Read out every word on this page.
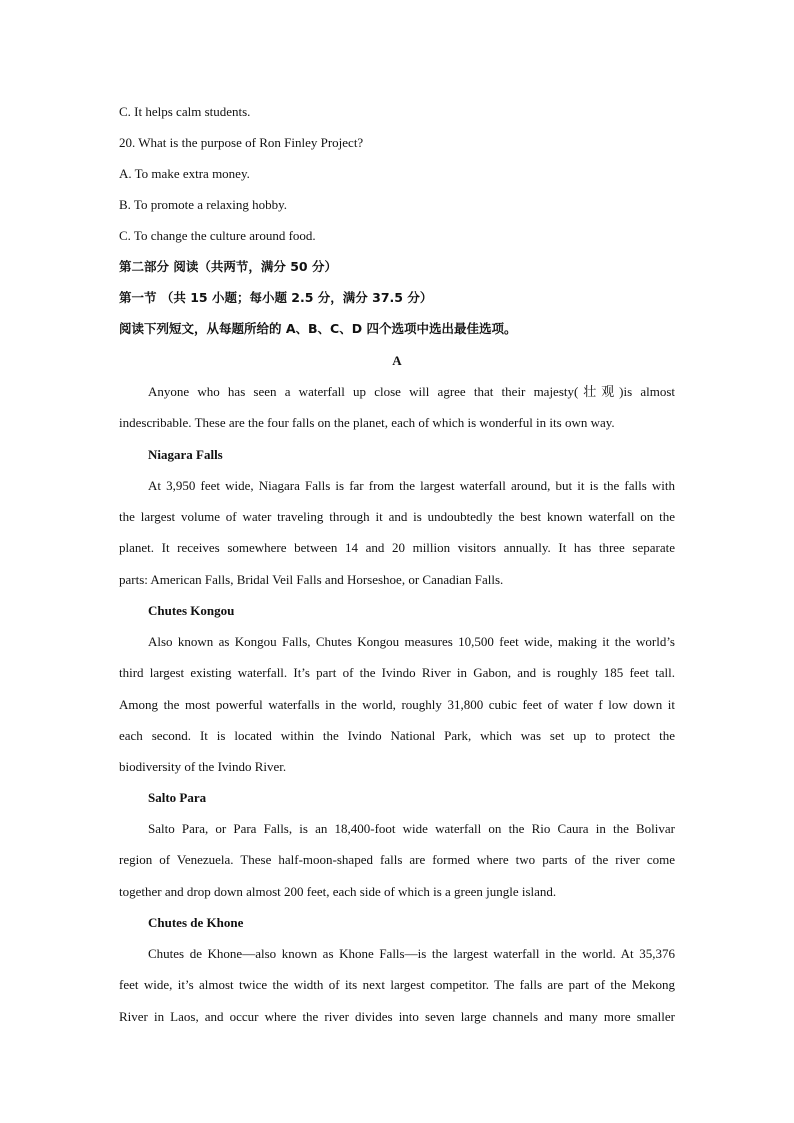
C. It helps calm students.
20. What is the purpose of Ron Finley Project?
A. To make extra money.
B. To promote a relaxing hobby.
C. To change the culture around food.
第二部分 阅读（共两节，满分 50 分）
第一节 （共 15 小题；每小题 2.5 分，满分 37.5 分）
阅读下列短文，从每题所给的 A、B、C、D 四个选项中选出最佳选项。
A
Anyone who has seen a waterfall up close will agree that their majesty(壮观)is almost
indescribable. These are the four falls on the planet, each of which is wonderful in its own way.
Niagara Falls
At 3,950 feet wide, Niagara Falls is far from the largest waterfall around, but it is the falls with
the largest volume of water traveling through it and is undoubtedly the best known waterfall on the
planet. It receives somewhere between 14 and 20 million visitors annually. It has three separate
parts: American Falls, Bridal Veil Falls and Horseshoe, or Canadian Falls.
Chutes Kongou
Also known as Kongou Falls, Chutes Kongou measures 10,500 feet wide, making it the world’s
third largest existing waterfall. It’s part of the Ivindo River in Gabon, and is roughly 185 feet tall.
Among the most powerful waterfalls in the world, roughly 31,800 cubic feet of water f low down it
each second. It is located within the Ivindo National Park, which was set up to protect the
biodiversity of the Ivindo River.
Salto Para
Salto Para, or Para Falls, is an 18,400-foot wide waterfall on the Rio Caura in the Bolivar
region of Venezuela. These half-moon-shaped falls are formed where two parts of the river come
together and drop down almost 200 feet, each side of which is a green jungle island.
Chutes de Khone
Chutes de Khone—also known as Khone Falls—is the largest waterfall in the world. At 35,376
feet wide, it’s almost twice the width of its next largest competitor. The falls are part of the Mekong
River in Laos, and occur where the river divides into seven large channels and many more smaller
